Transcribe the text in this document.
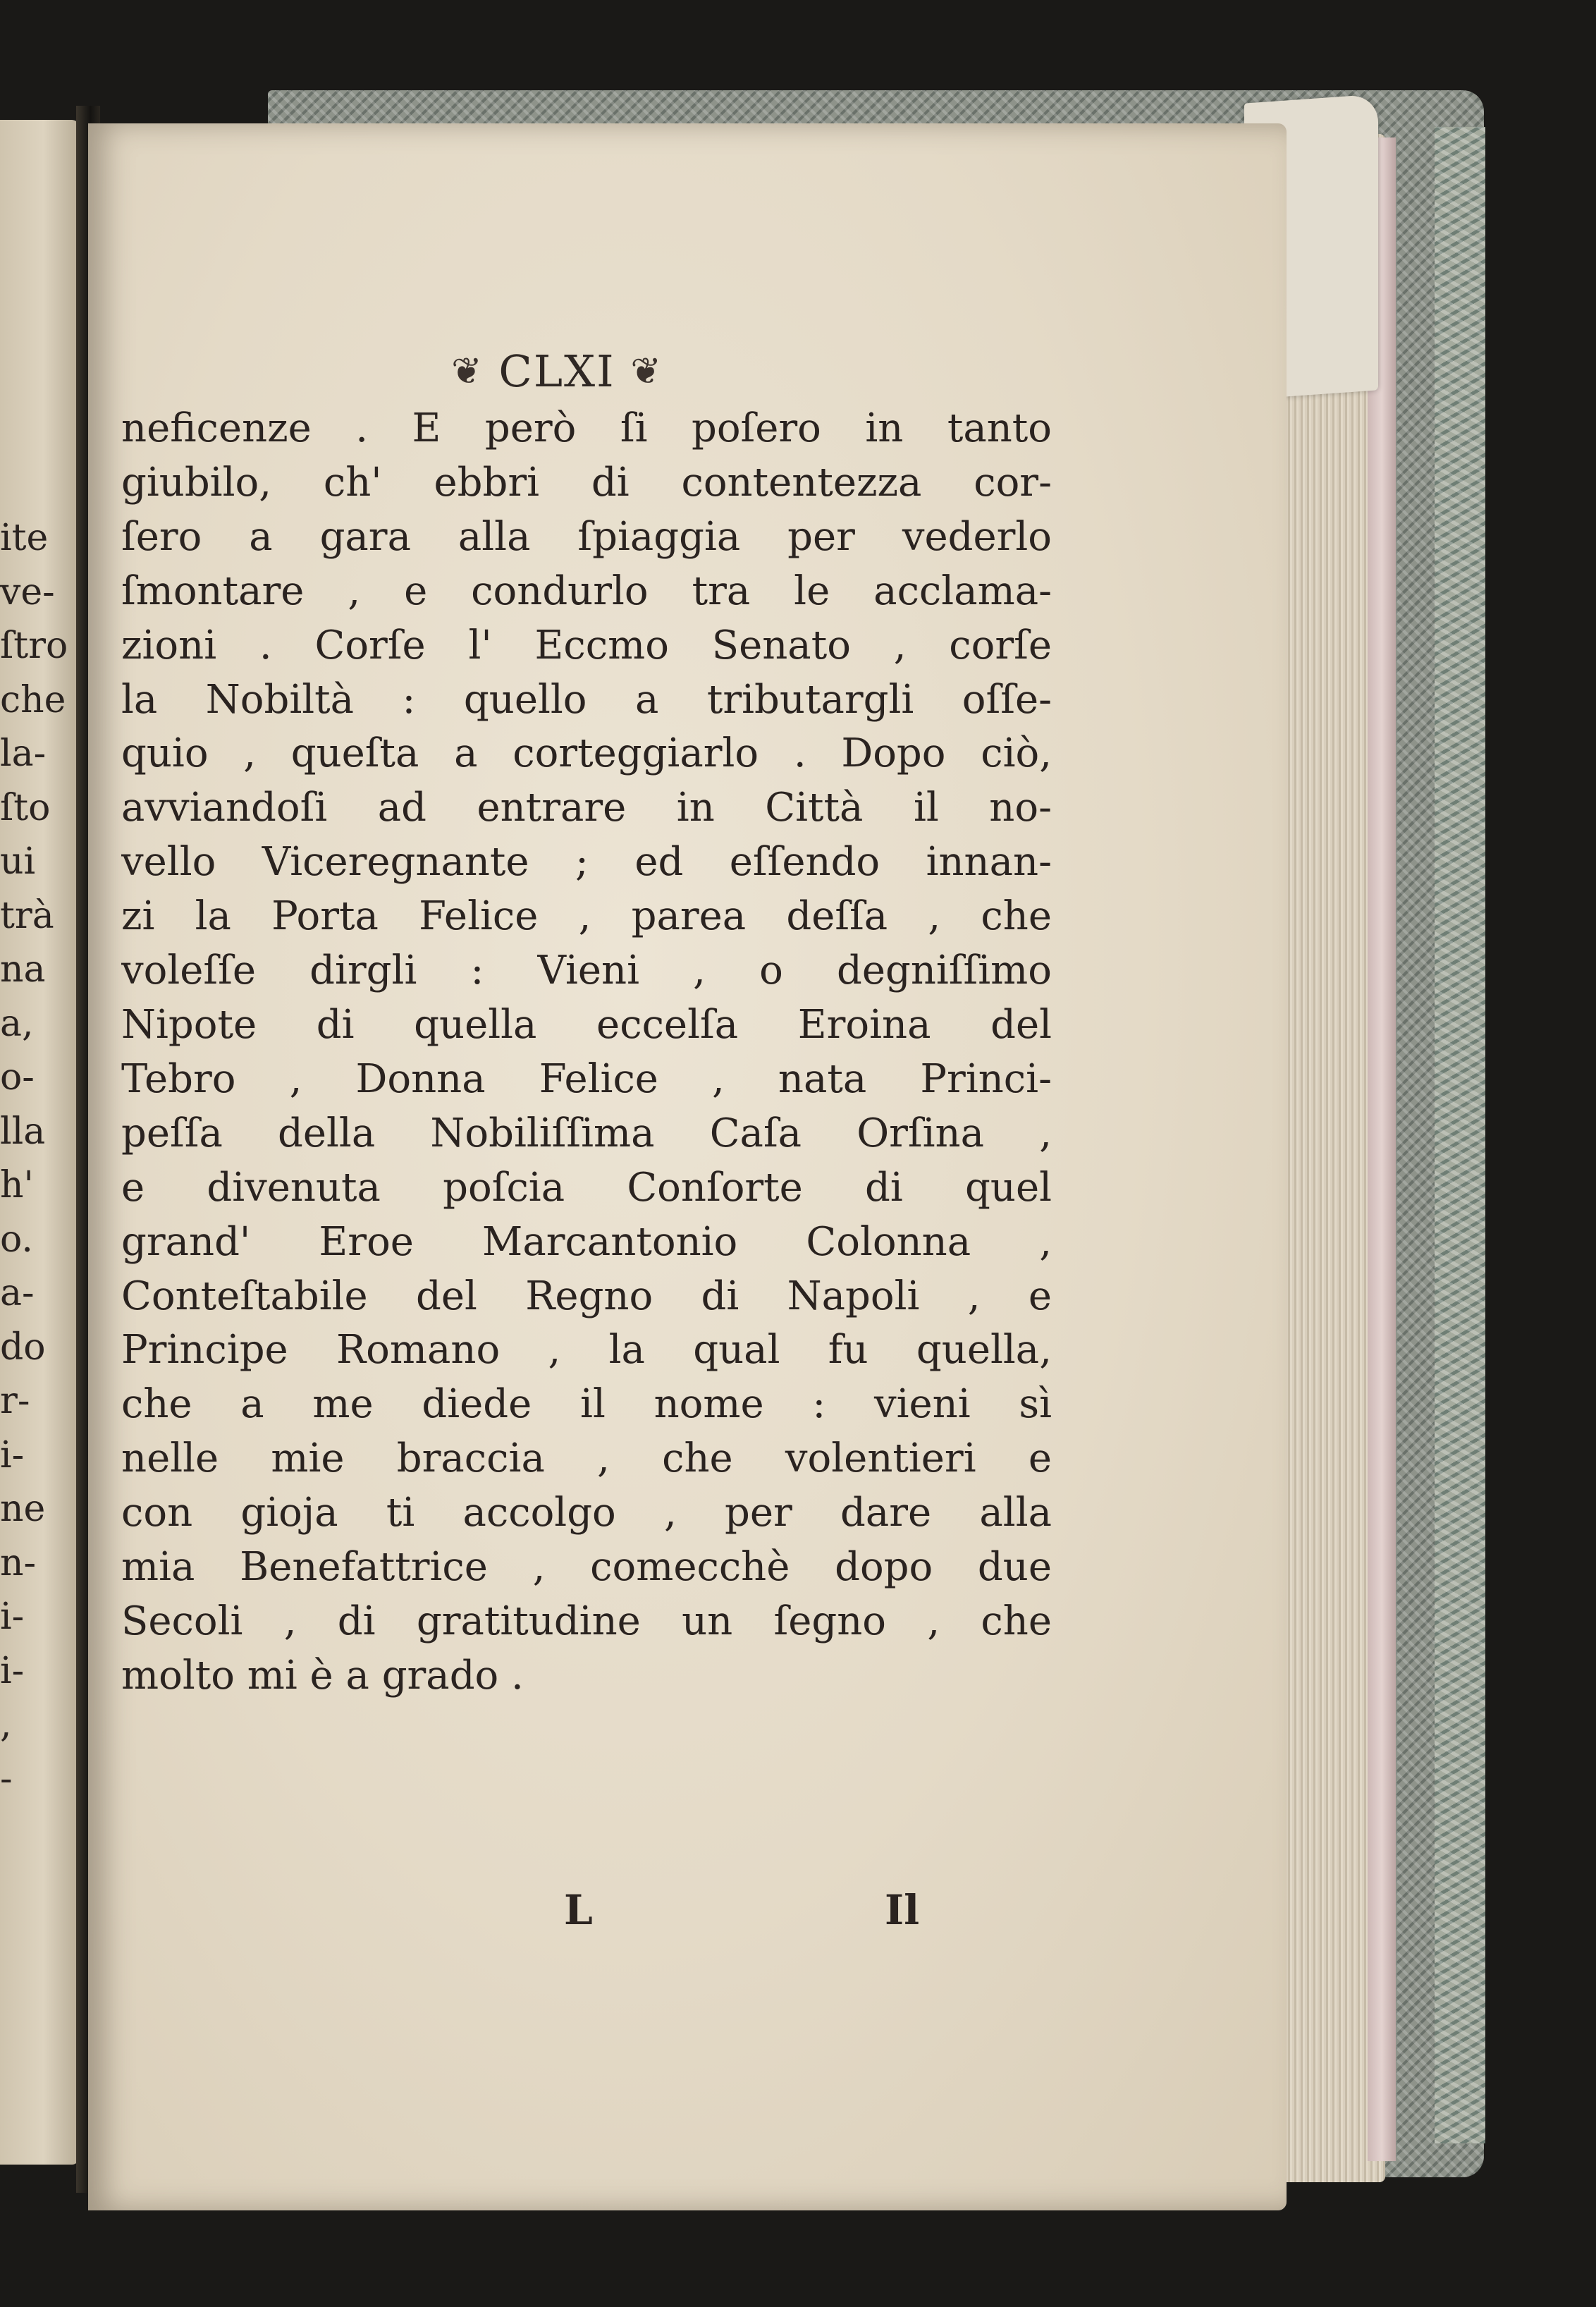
ite
ve-
ſtro
che
la-
ſto
ui
trà
na
a,
o-
lla
h'
o.
a-
do
r-
i-
ne
n-
i-
i-
,
-
❦ CLXI ❦
neficenze . E però ſi poſero in tanto
giubilo, ch' ebbri di contentezza cor-
ſero a gara alla ſpiaggia per vederlo
ſmontare , e condurlo tra le acclama-
zioni . Corſe l' Eccmo Senato , corſe
la Nobiltà : quello a tributargli oſſe-
quio , queſta a corteggiarlo . Dopo ciò,
avviandoſi ad entrare in Città il no-
vello Viceregnante ; ed eſſendo innan-
zi la Porta Felice , parea deſſa , che
voleſſe dirgli : Vieni , o degniſſimo
Nipote di quella eccelſa Eroina del
Tebro , Donna Felice , nata Princi-
peſſa della Nobiliſſima Caſa Orſina ,
e divenuta poſcia Conſorte di quel
grand' Eroe Marcantonio Colonna ,
Conteſtabile del Regno di Napoli , e
Principe Romano , la qual fu quella,
che a me diede il nome : vieni sì
nelle mie braccia , che volentieri e
con gioja ti accolgo , per dare alla
mia Benefattrice , comecchè dopo due
Secoli , di gratitudine un ſegno , che
molto mi è a grado .
L	Il
